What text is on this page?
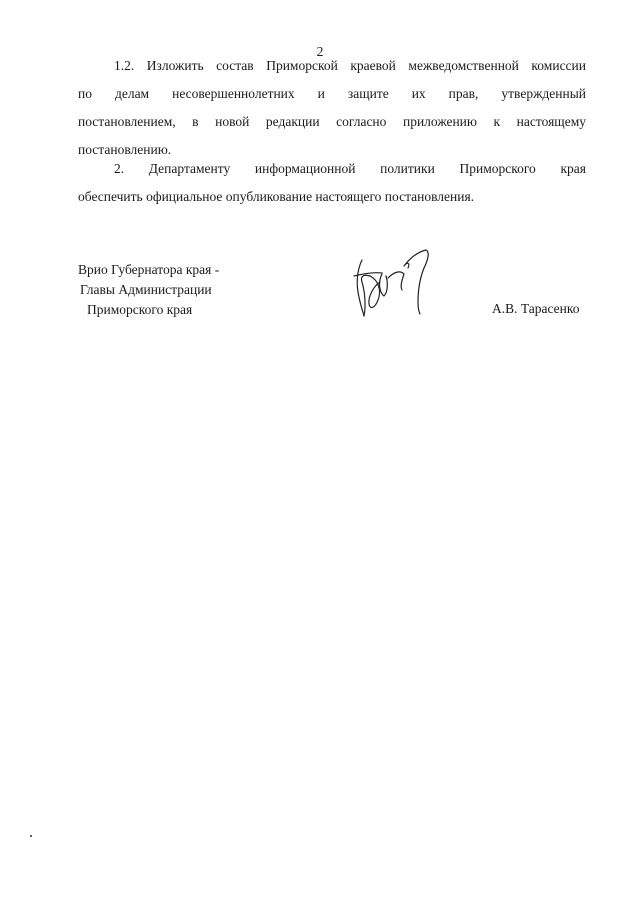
2

1.2. Изложить состав Приморской краевой межведомственной комиссии
по делам несовершеннолетних и защите их прав, утвержденный
постановлением, в новой редакции согласно приложению к настоящему
постановлению.

2. Департаменту информационной политики Приморского края
обеспечить официальное опубликование настоящего постановления.

Врио Губернатора края -
Главы Администрации
Приморского края	А.В. Тарасенко
